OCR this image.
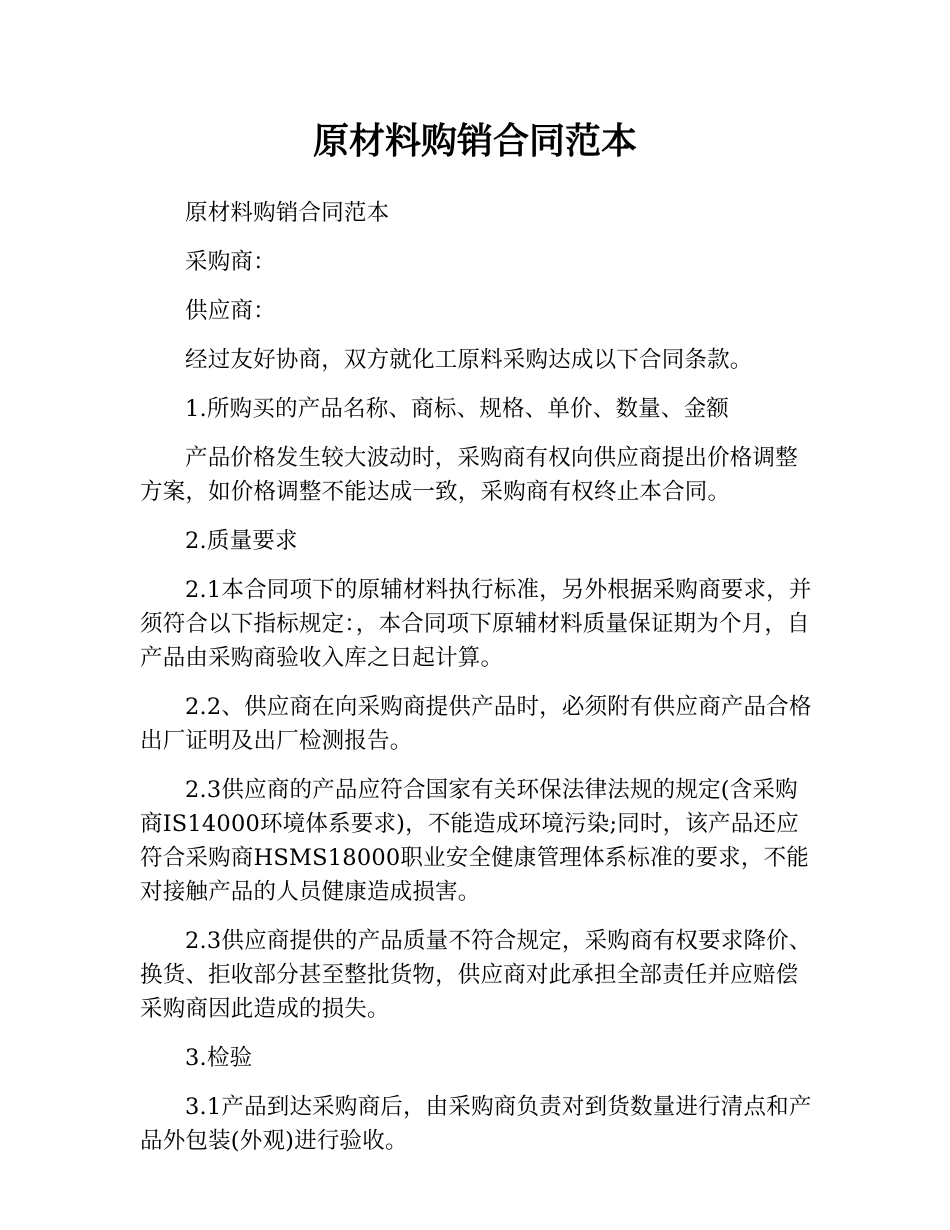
原材料购销合同范本

原材料购销合同范本

采购商：

供应商：

经过友好协商，双方就化工原料采购达成以下合同条款。

1.所购买的产品名称、商标、规格、单价、数量、金额

产品价格发生较大波动时，采购商有权向供应商提出价格调整方案，如价格调整不能达成一致，采购商有权终止本合同。

2.质量要求

2.1本合同项下的原辅材料执行标准，另外根据采购商要求，并须符合以下指标规定：，本合同项下原辅材料质量保证期为个月，自产品由采购商验收入库之日起计算。

2.2、供应商在向采购商提供产品时，必须附有供应商产品合格出厂证明及出厂检测报告。

2.3供应商的产品应符合国家有关环保法律法规的规定(含采购商IS14000环境体系要求)，不能造成环境污染;同时，该产品还应符合采购商HSMS18000职业安全健康管理体系标准的要求，不能对接触产品的人员健康造成损害。

2.3供应商提供的产品质量不符合规定，采购商有权要求降价、换货、拒收部分甚至整批货物，供应商对此承担全部责任并应赔偿采购商因此造成的损失。

3.检验

3.1产品到达采购商后，由采购商负责对到货数量进行清点和产品外包装(外观)进行验收。
